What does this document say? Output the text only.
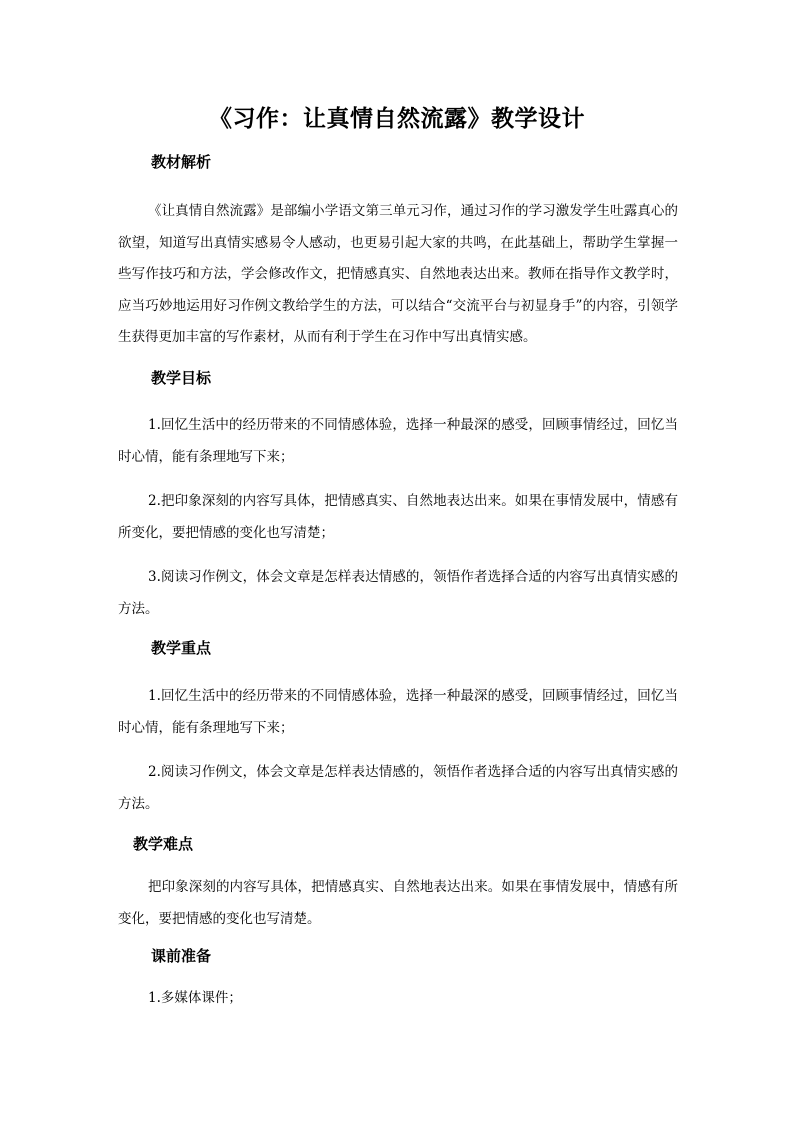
《习作：让真情自然流露》教学设计
教材解析
《让真情自然流露》是部编小学语文第三单元习作，通过习作的学习激发学生吐露真心的欲望，知道写出真情实感易令人感动，也更易引起大家的共鸣，在此基础上，帮助学生掌握一些写作技巧和方法，学会修改作文，把情感真实、自然地表达出来。教师在指导作文教学时，应当巧妙地运用好习作例文教给学生的方法，可以结合“交流平台与初显身手”的内容，引领学生获得更加丰富的写作素材，从而有利于学生在习作中写出真情实感。
教学目标
1.回忆生活中的经历带来的不同情感体验，选择一种最深的感受，回顾事情经过，回忆当时心情，能有条理地写下来；
2.把印象深刻的内容写具体，把情感真实、自然地表达出来。如果在事情发展中，情感有所变化，要把情感的变化也写清楚；
3.阅读习作例文，体会文章是怎样表达情感的，领悟作者选择合适的内容写出真情实感的方法。
教学重点
1.回忆生活中的经历带来的不同情感体验，选择一种最深的感受，回顾事情经过，回忆当时心情，能有条理地写下来；
2.阅读习作例文，体会文章是怎样表达情感的，领悟作者选择合适的内容写出真情实感的方法。
教学难点
把印象深刻的内容写具体，把情感真实、自然地表达出来。如果在事情发展中，情感有所变化，要把情感的变化也写清楚。
课前准备
1.多媒体课件；
